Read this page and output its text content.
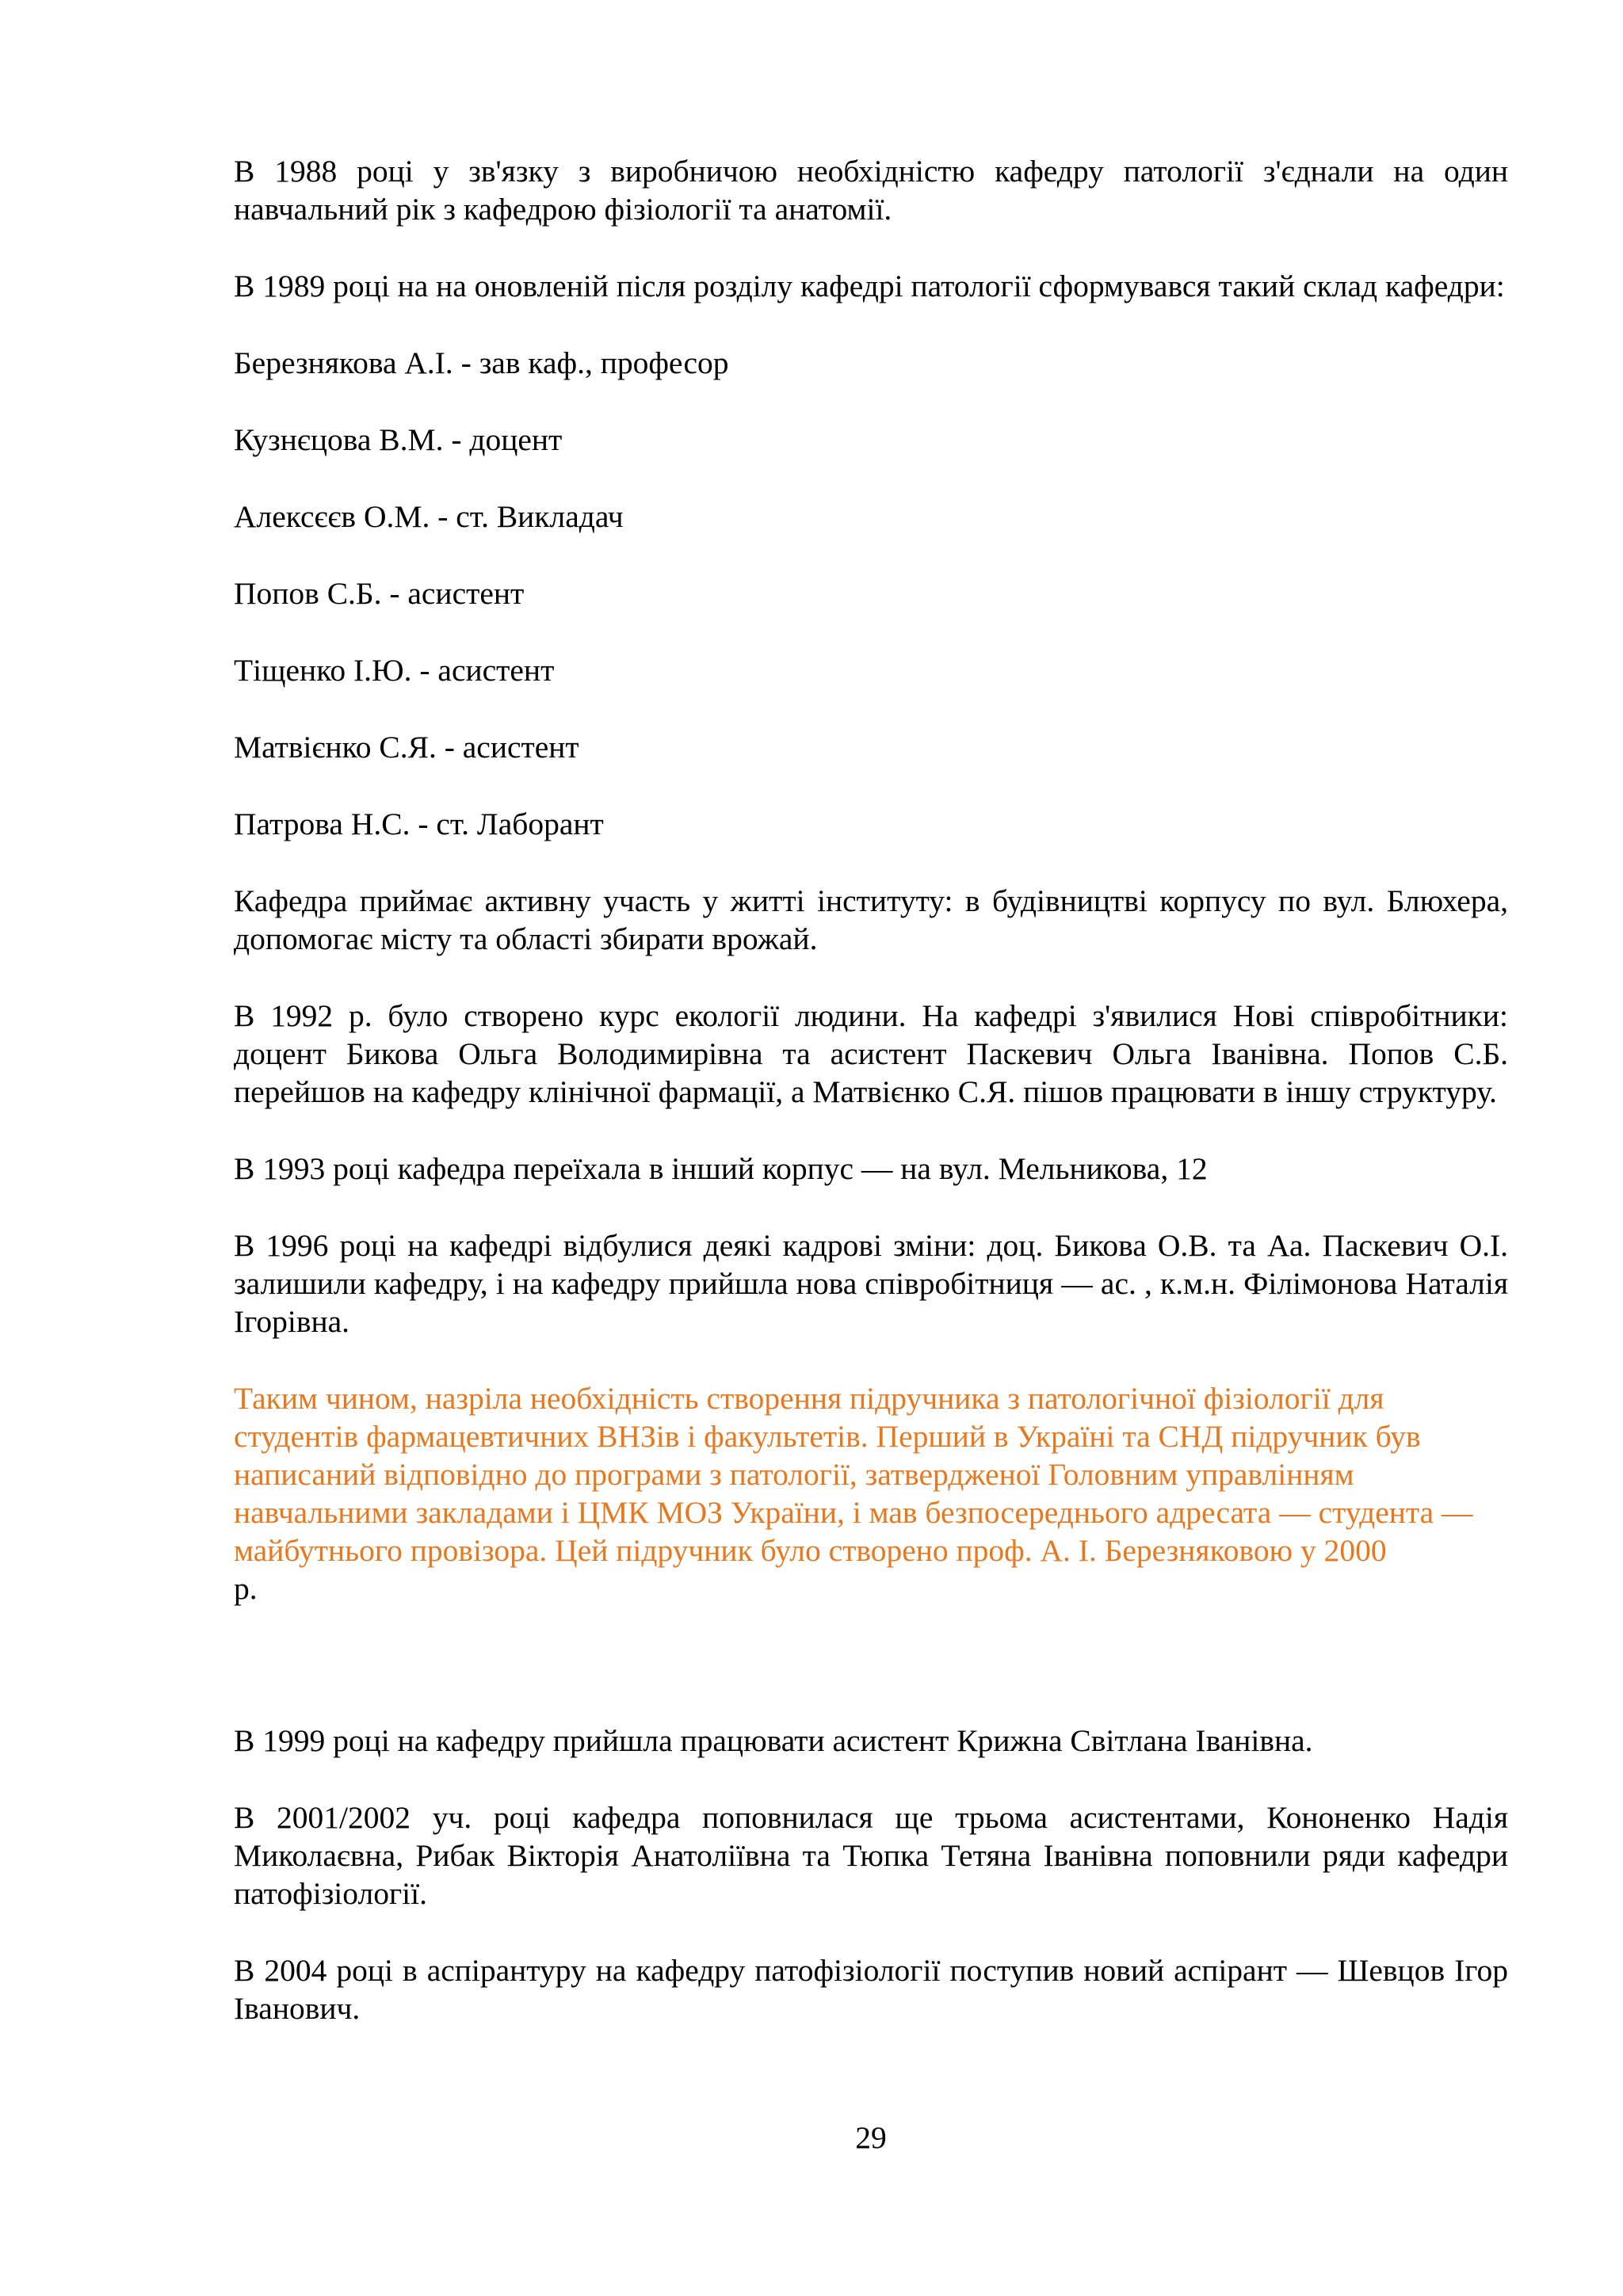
В 1988 році у зв'язку з виробничою необхідністю кафедру патології з'єднали на один навчальний рік з кафедрою фізіології та анатомії.

В 1989 році на на оновленій після розділу кафедрі патології сформувався такий склад кафедри:

Березнякова А.І. - зав каф., професор

Кузнєцова В.М. - доцент

Алексєєв О.М. - ст. Викладач

Попов С.Б. - асистент

Тіщенко І.Ю. - асистент

Матвієнко С.Я. - асистент

Патрова Н.С. - ст. Лаборант

Кафедра приймає активну участь у житті інституту: в будівництві корпусу по вул. Блюхера, допомогає місту та області збирати врожай.

В 1992 р. було створено курс екології людини. На кафедрі з'явилися Нові співробітники: доцент Бикова Ольга Володимирівна та асистент Паскевич Ольга Іванівна. Попов С.Б. перейшов на кафедру клінічної фармації, а Матвієнко С.Я. пішов працювати в іншу структуру.

В 1993 році кафедра переїхала в інший корпус — на вул. Мельникова, 12

В 1996 році на кафедрі відбулися деякі кадрові зміни: доц. Бикова О.В. та Аа. Паскевич О.І. залишили кафедру, і на кафедру прийшла нова співробітниця — ас. , к.м.н. Філімонова Наталія Ігорівна.

Таким чином, назріла необхідність створення підручника з патологічної фізіології для студентів фармацевтичних ВНЗів і факультетів. Перший в Україні та СНД підручник був написаний відповідно до програми з патології, затвердженої Головним управлінням навчальними закладами і ЦМК МОЗ України, і мав безпосереднього адресата — студента — майбутнього провізора. Цей підручник було створено проф. А. І. Березняковою у 2000
р.

В 1999 році на кафедру прийшла працювати асистент Крижна Світлана Іванівна.

В 2001/2002 уч. році кафедра поповнилася ще трьома асистентами, Кононенко Надія Миколаєвна, Рибак Вікторія Анатоліївна та Тюпка Тетяна Іванівна поповнили ряди кафедри патофізіології.

В 2004 році в аспірантуру на кафедру патофізіології поступив новий аспірант — Шевцов Ігор Іванович.

29
